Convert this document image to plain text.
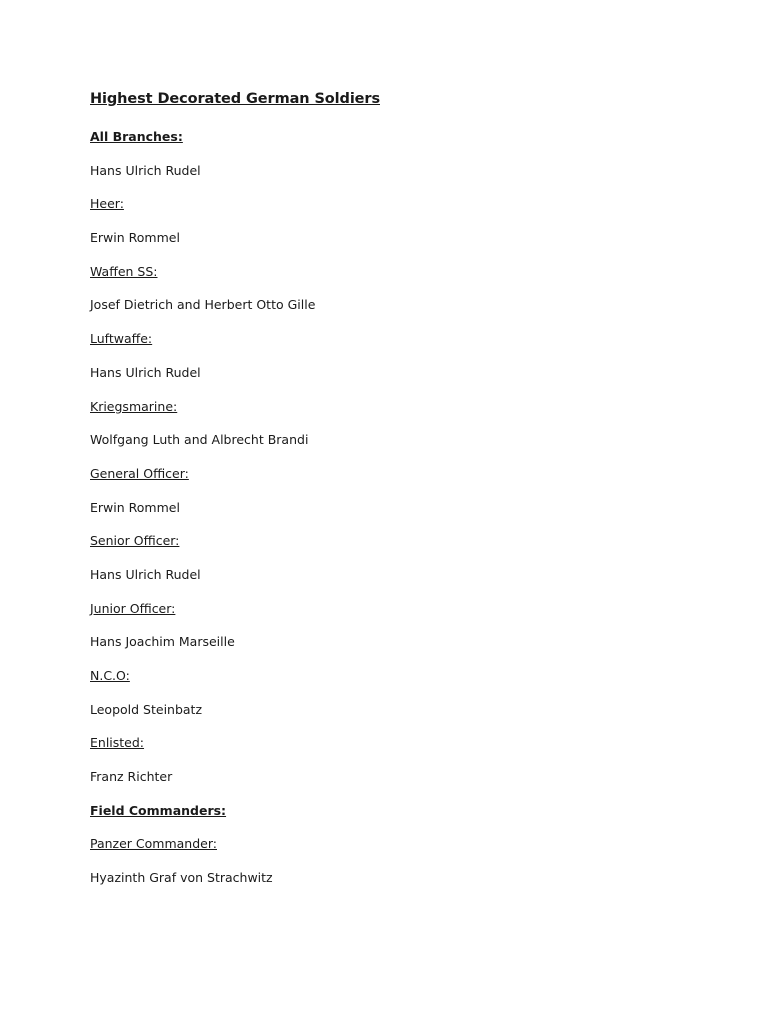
Highest Decorated German Soldiers
All Branches:
Hans Ulrich Rudel
Heer:
Erwin Rommel
Waffen SS:
Josef Dietrich and Herbert Otto Gille
Luftwaffe:
Hans Ulrich Rudel
Kriegsmarine:
Wolfgang Luth and Albrecht Brandi
General Officer:
Erwin Rommel
Senior Officer:
Hans Ulrich Rudel
Junior Officer:
Hans Joachim Marseille
N.C.O:
Leopold Steinbatz
Enlisted:
Franz Richter
Field Commanders:
Panzer Commander:
Hyazinth Graf von Strachwitz
